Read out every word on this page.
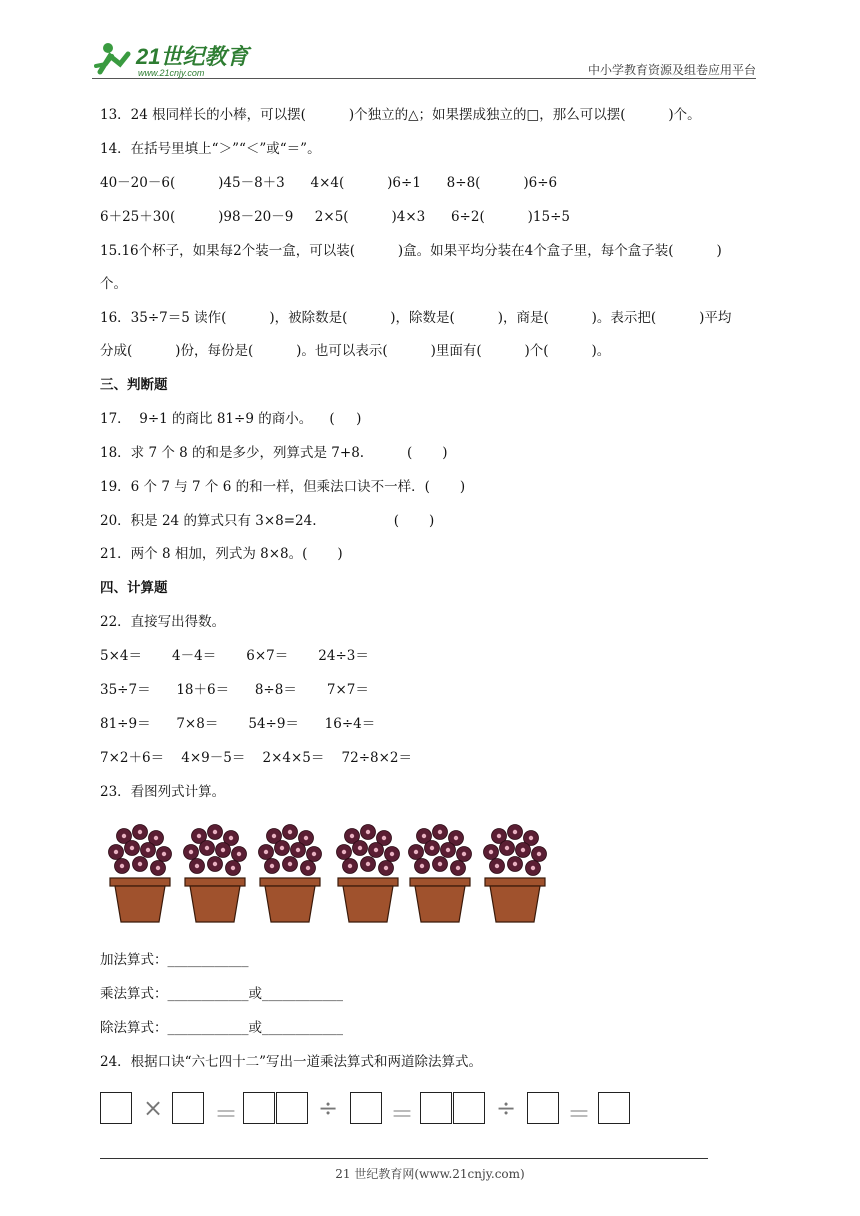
21世纪教育
www.21cnjy.com	中小学教育资源及组卷应用平台
13．24 根同样长的小棒，可以摆(          )个独立的△；如果摆成独立的□，那么可以摆(          )个。
14．在括号里填上“＞”“＜”或“＝”。
40－20－6(          )45－8＋3      4×4(          )6÷1      8÷8(          )6÷6
6＋25＋30(          )98－20－9     2×5(          )4×3      6÷2(          )15÷5
15.16个杯子，如果每2个装一盒，可以装(          )盒。如果平均分装在4个盒子里，每个盒子装(          )
个。
16．35÷7＝5 读作(          )，被除数是(          )，除数是(          )，商是(          )。表示把(          )平均
分成(          )份，每份是(          )。也可以表示(          )里面有(          )个(          )。
三、判断题
17．  9÷1 的商比 81÷9 的商小。    (     )
18．求 7 个 8 的和是多少，列算式是 7+8.          (       )
19．6 个 7 与 7 个 6 的和一样，但乘法口诀不一样．(       )
20．积是 24 的算式只有 3×8=24.                  (       )
21．两个 8 相加，列式为 8×8。(       )
四、计算题
22．直接写出得数。
5×4＝       4－4＝       6×7＝       24÷3＝
35÷7＝      18＋6＝      8÷8＝       7×7＝
81÷9＝      7×8＝       54÷9＝      16÷4＝
7×2＋6＝    4×9－5＝    2×4×5＝    72÷8×2＝
23．看图列式计算。
加法算式：____________
乘法算式：____________或____________
除法算式：____________或____________
24．根据口诀“六七四十二”写出一道乘法算式和两道除法算式。
× ＝	÷ ＝	÷ ＝
21 世纪教育网(www.21cnjy.com)
